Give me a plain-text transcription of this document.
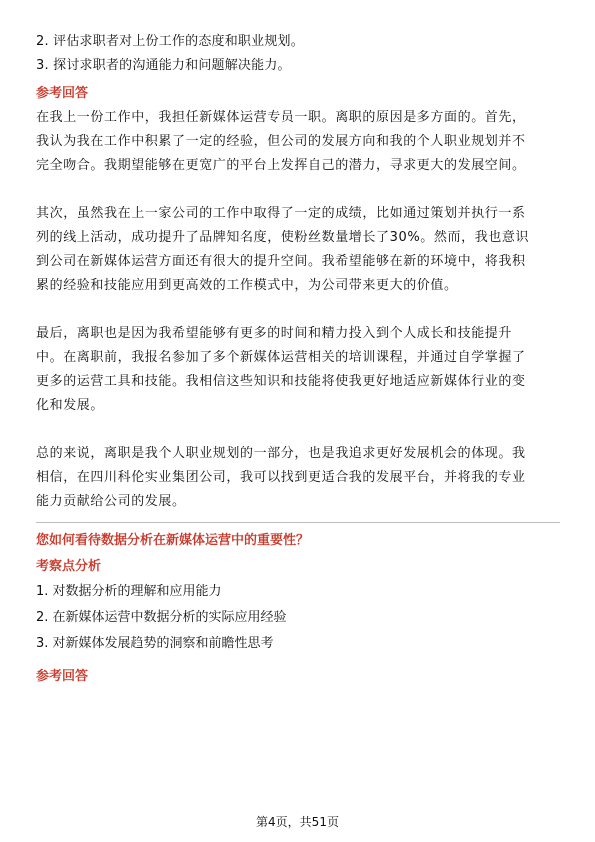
2. 评估求职者对上份工作的态度和职业规划。
3. 探讨求职者的沟通能力和问题解决能力。
参考回答
在我上一份工作中，我担任新媒体运营专员一职。离职的原因是多方面的。首先，
我认为我在工作中积累了一定的经验，但公司的发展方向和我的个人职业规划并不
完全吻合。我期望能够在更宽广的平台上发挥自己的潜力，寻求更大的发展空间。
其次，虽然我在上一家公司的工作中取得了一定的成绩，比如通过策划并执行一系
列的线上活动，成功提升了品牌知名度，使粉丝数量增长了30%。然而，我也意识
到公司在新媒体运营方面还有很大的提升空间。我希望能够在新的环境中，将我积
累的经验和技能应用到更高效的工作模式中，为公司带来更大的价值。
最后，离职也是因为我希望能够有更多的时间和精力投入到个人成长和技能提升
中。在离职前，我报名参加了多个新媒体运营相关的培训课程，并通过自学掌握了
更多的运营工具和技能。我相信这些知识和技能将使我更好地适应新媒体行业的变
化和发展。
总的来说，离职是我个人职业规划的一部分，也是我追求更好发展机会的体现。我
相信，在四川科伦实业集团公司，我可以找到更适合我的发展平台，并将我的专业
能力贡献给公司的发展。
您如何看待数据分析在新媒体运营中的重要性？
考察点分析
1. 对数据分析的理解和应用能力
2. 在新媒体运营中数据分析的实际应用经验
3. 对新媒体发展趋势的洞察和前瞻性思考
参考回答
第4页，共51页
